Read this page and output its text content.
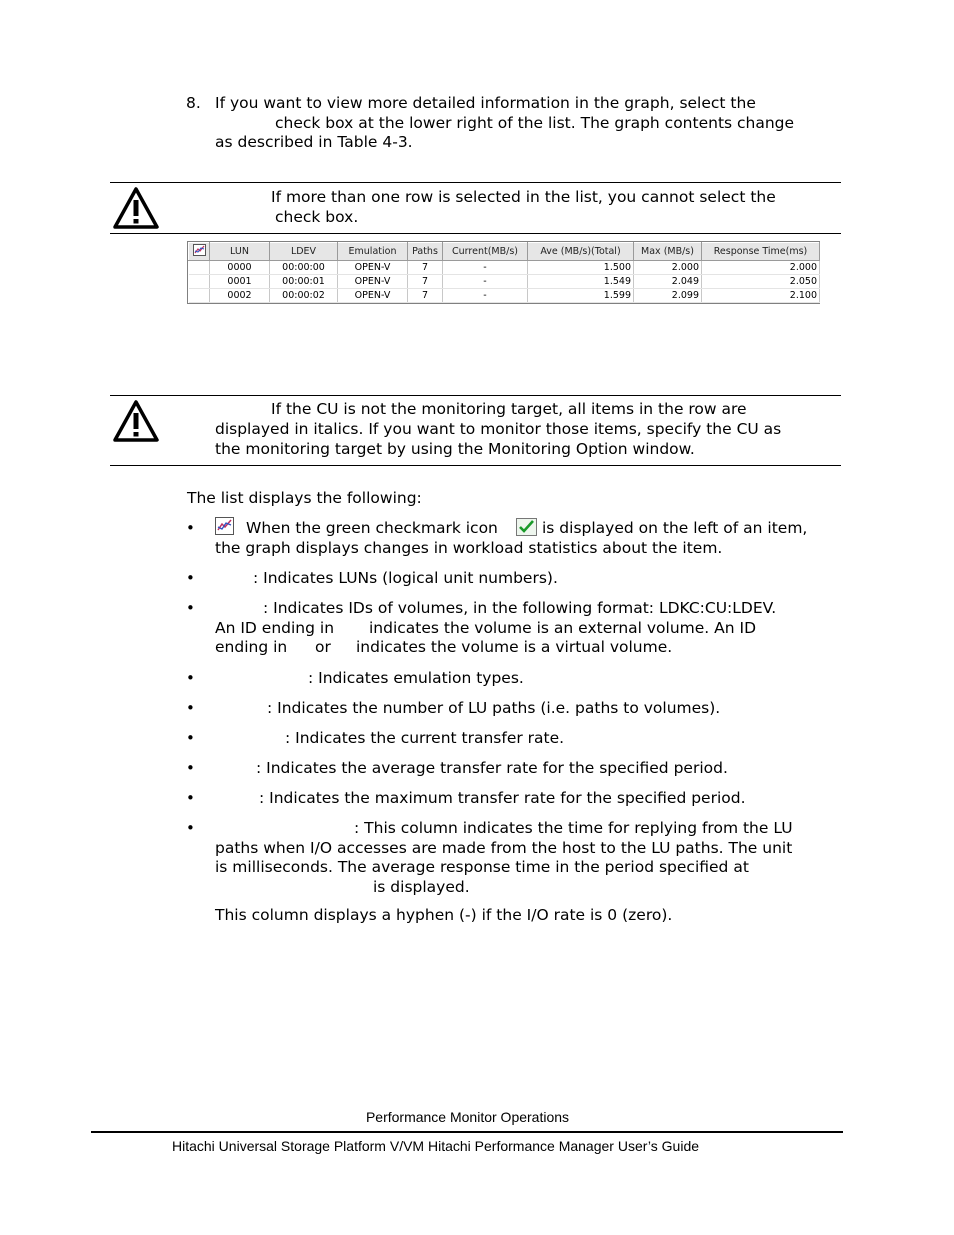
8. If you want to view more detailed information in the graph, select the
check box at the lower right of the list. The graph contents change
as described in Table 4-3.
If more than one row is selected in the list, you cannot select the
check box.
	LUN	LDEV	Emulation	Paths	Current(MB/s)	Ave (MB/s)(Total)	Max (MB/s)	Response Time(ms)
	0000	00:00:00	OPEN-V	7	-	1.500	2.000	2.000
	0001	00:00:01	OPEN-V	7	-	1.549	2.049	2.050
	0002	00:00:02	OPEN-V	7	-	1.599	2.099	2.100
If the CU is not the monitoring target, all items in the row are
displayed in italics. If you want to monitor those items, specify the CU as
the monitoring target by using the Monitoring Option window.
The list displays the following:
•	When the green checkmark icon	is displayed on the left of an item,
the graph displays changes in workload statistics about the item.
•	: Indicates LUNs (logical unit numbers).
•	: Indicates IDs of volumes, in the following format: LDKC:CU:LDEV.
An ID ending in indicates the volume is an external volume. An ID
ending in or indicates the volume is a virtual volume.
•	: Indicates emulation types.
•	: Indicates the number of LU paths (i.e. paths to volumes).
•	: Indicates the current transfer rate.
•	: Indicates the average transfer rate for the specified period.
•	: Indicates the maximum transfer rate for the specified period.
•	: This column indicates the time for replying from the LU
paths when I/O accesses are made from the host to the LU paths. The unit
is milliseconds. The average response time in the period specified at
is displayed.
This column displays a hyphen (-) if the I/O rate is 0 (zero).
Performance Monitor Operations
Hitachi Universal Storage Platform V/VM Hitachi Performance Manager User’s Guide
